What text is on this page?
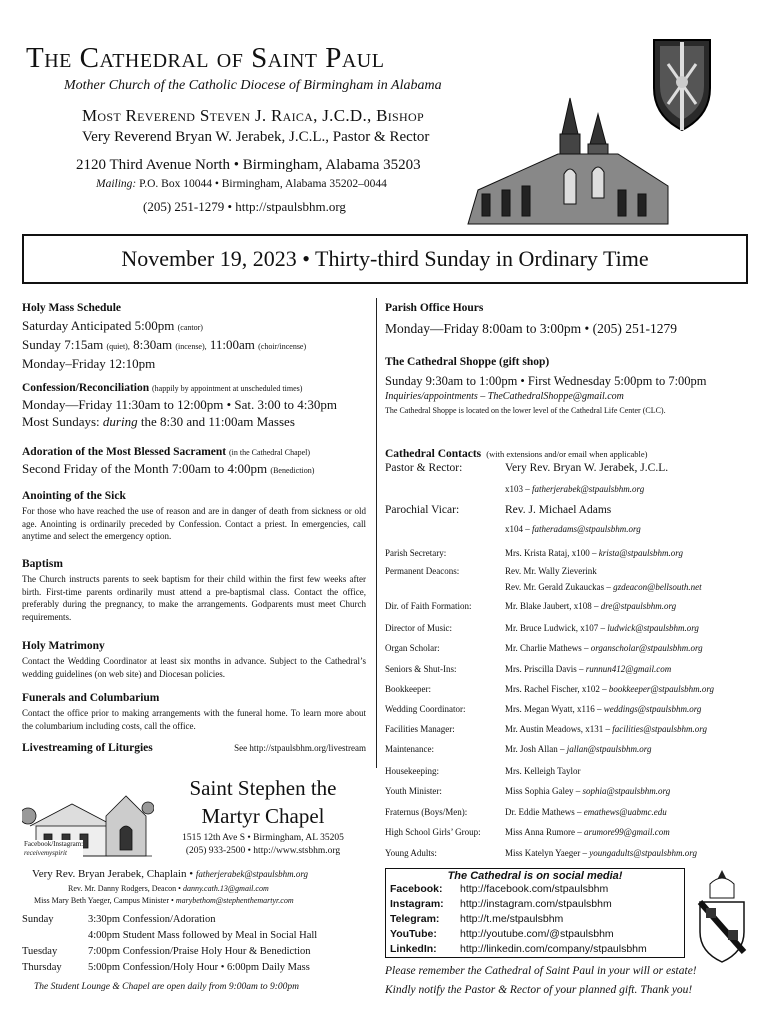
The Cathedral of Saint Paul
Mother Church of the Catholic Diocese of Birmingham in Alabama
Most Reverend Steven J. Raica, J.C.D., Bishop
Very Reverend Bryan W. Jerabek, J.C.L., Pastor & Rector
2120 Third Avenue North • Birmingham, Alabama 35203
Mailing: P.O. Box 10044 • Birmingham, Alabama 35202–0044
(205) 251-1279 • http://stpaulsbhm.org
November 19, 2023 • Thirty-third Sunday in Ordinary Time
Holy Mass Schedule
Saturday Anticipated 5:00pm (cantor)
Sunday 7:15am (quiet), 8:30am (incense), 11:00am (choir/incense)
Monday–Friday 12:10pm
Confession/Reconciliation (happily by appointment at unscheduled times)
Monday—Friday 11:30am to 12:00pm • Sat. 3:00 to 4:30pm
Most Sundays: during the 8:30 and 11:00am Masses
Adoration of the Most Blessed Sacrament (in the Cathedral Chapel)
Second Friday of the Month 7:00am to 4:00pm (Benediction)
Anointing of the Sick
For those who have reached the use of reason and are in danger of death from sickness or old age. Anointing is ordinarily preceded by Confession. Contact a priest. In emergencies, call anytime and select the emergency option.
Baptism
The Church instructs parents to seek baptism for their child within the first few weeks after birth. First-time parents ordinarily must attend a pre-baptismal class. Contact the office, preferably during the pregnancy, to make the arrangements. Godparents must meet Church requirements.
Holy Matrimony
Contact the Wedding Coordinator at least six months in advance. Subject to the Cathedral’s wedding guidelines (on web site) and Diocesan policies.
Funerals and Columbarium
Contact the office prior to making arrangements with the funeral home. To learn more about the columbarium including costs, call the office.
Livestreaming of Liturgies	See http://stpaulsbhm.org/livestream
Facebook/Instagram:
receivemyspirit
Saint Stephen the
Martyr Chapel
1515 12th Ave S • Birmingham, AL 35205
(205) 933-2500 • http://www.stsbhm.org
Very Rev. Bryan Jerabek, Chaplain • fatherjerabek@stpaulsbhm.org
Rev. Mr. Danny Rodgers, Deacon • danny.cath.13@gmail.com
Miss Mary Beth Yaeger, Campus Minister • marybethom@stephenthemartyr.com
Sunday	3:30pm Confession/Adoration
4:00pm Student Mass followed by Meal in Social Hall
Tuesday	7:00pm Confession/Praise Holy Hour & Benediction
Thursday	5:00pm Confession/Holy Hour • 6:00pm Daily Mass
The Student Lounge & Chapel are open daily from 9:00am to 9:00pm
Parish Office Hours
Monday—Friday 8:00am to 3:00pm • (205) 251-1279
The Cathedral Shoppe (gift shop)
Sunday 9:30am to 1:00pm • First Wednesday 5:00pm to 7:00pm
Inquiries/appointments – TheCathedralShoppe@gmail.com
The Cathedral Shoppe is located on the lower level of the Cathedral Life Center (CLC).
Cathedral Contacts (with extensions and/or email when applicable)
Pastor & Rector:	Very Rev. Bryan W. Jerabek, J.C.L.
x103 – fatherjerabek@stpaulsbhm.org
Parochial Vicar:	Rev. J. Michael Adams
x104 – fatheradams@stpaulsbhm.org
Parish Secretary:	Mrs. Krista Rataj, x100 – krista@stpaulsbhm.org
Permanent Deacons:	Rev. Mr. Wally Zieverink
Rev. Mr. Gerald Zukauckas – gzdeacon@bellsouth.net
Dir. of Faith Formation:	Mr. Blake Jaubert, x108 – dre@stpaulsbhm.org
Director of Music:	Mr. Bruce Ludwick, x107 – ludwick@stpaulsbhm.org
Organ Scholar:	Mr. Charlie Mathews – organscholar@stpaulsbhm.org
Seniors & Shut-Ins:	Mrs. Priscilla Davis – runnun412@gmail.com
Bookkeeper:	Mrs. Rachel Fischer, x102 – bookkeeper@stpaulsbhm.org
Wedding Coordinator:	Mrs. Megan Wyatt, x116 – weddings@stpaulsbhm.org
Facilities Manager:	Mr. Austin Meadows, x131 – facilities@stpaulsbhm.org
Maintenance:	Mr. Josh Allan – jallan@stpaulsbhm.org
Housekeeping:	Mrs. Kelleigh Taylor
Youth Minister:	Miss Sophia Galey – sophia@stpaulsbhm.org
Fraternus (Boys/Men):	Dr. Eddie Mathews – emathews@uabmc.edu
High School Girls’ Group:	Miss Anna Rumore – arumore99@gmail.com
Young Adults:	Miss Katelyn Yaeger – youngadults@stpaulsbhm.org
The Cathedral is on social media!
Facebook:	http://facebook.com/stpaulsbhm
Instagram:	http://instagram.com/stpaulsbhm
Telegram:	http://t.me/stpaulsbhm
YouTube:	http://youtube.com/@stpaulsbhm
LinkedIn:	http://linkedin.com/company/stpaulsbhm
Please remember the Cathedral of Saint Paul in your will or estate!
Kindly notify the Pastor & Rector of your planned gift. Thank you!
